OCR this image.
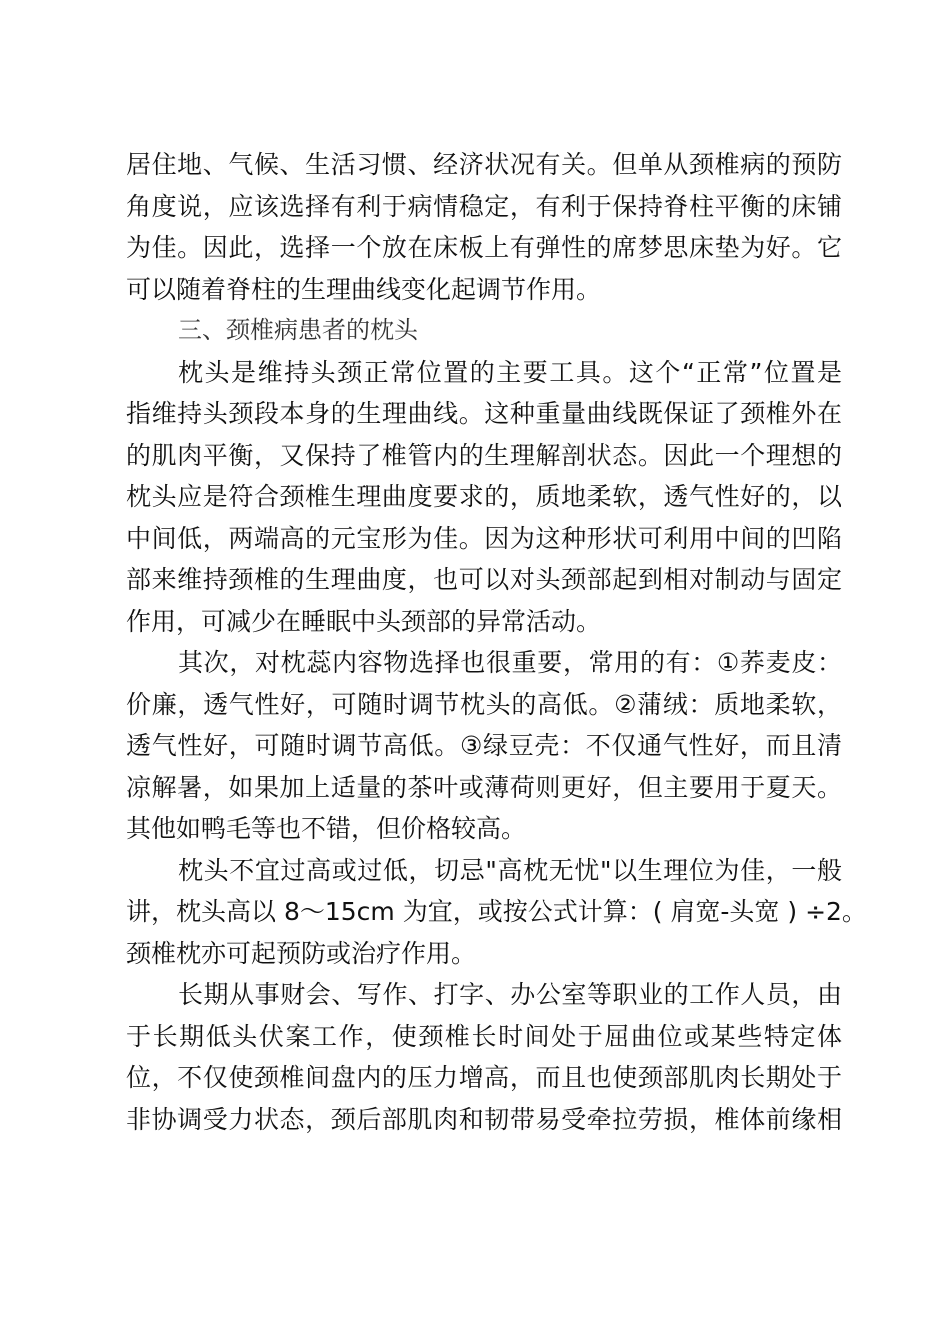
居住地、气候、生活习惯、经济状况有关。但单从颈椎病的预防
角度说，应该选择有利于病情稳定，有利于保持脊柱平衡的床铺
为佳。因此，选择一个放在床板上有弹性的席梦思床垫为好。它
可以随着脊柱的生理曲线变化起调节作用。
三、颈椎病患者的枕头
枕头是维持头颈正常位置的主要工具。这个“正常”位置是
指维持头颈段本身的生理曲线。这种重量曲线既保证了颈椎外在
的肌肉平衡，又保持了椎管内的生理解剖状态。因此一个理想的
枕头应是符合颈椎生理曲度要求的，质地柔软，透气性好的，以
中间低，两端高的元宝形为佳。因为这种形状可利用中间的凹陷
部来维持颈椎的生理曲度，也可以对头颈部起到相对制动与固定
作用，可减少在睡眠中头颈部的异常活动。
其次，对枕蕊内容物选择也很重要，常用的有：①荞麦皮：
价廉，透气性好，可随时调节枕头的高低。②蒲绒：质地柔软，
透气性好，可随时调节高低。③绿豆壳：不仅通气性好，而且清
凉解暑，如果加上适量的茶叶或薄荷则更好，但主要用于夏天。
其他如鸭毛等也不错，但价格较高。
枕头不宜过高或过低，切忌"高枕无忧"以生理位为佳，一般
讲，枕头高以 8～15cm 为宜，或按公式计算：( 肩宽-头宽 ) ÷2。
颈椎枕亦可起预防或治疗作用。
长期从事财会、写作、打字、办公室等职业的工作人员，由
于长期低头伏案工作，使颈椎长时间处于屈曲位或某些特定体
位，不仅使颈椎间盘内的压力增高，而且也使颈部肌肉长期处于
非协调受力状态，颈后部肌肉和韧带易受牵拉劳损，椎体前缘相
